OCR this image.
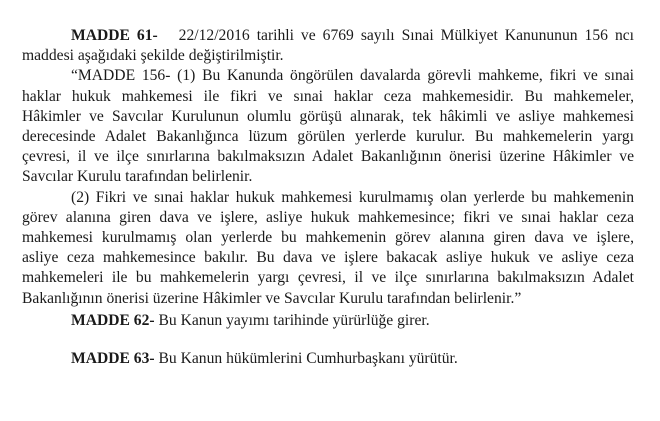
MADDE 61- 22/12/2016 tarihli ve 6769 sayılı Sınai Mülkiyet Kanununun 156 ncı
maddesi aşağıdaki şekilde değiştirilmiştir.
“MADDE 156- (1) Bu Kanunda öngörülen davalarda görevli mahkeme, fikri ve sınai
haklar hukuk mahkemesi ile fikri ve sınai haklar ceza mahkemesidir. Bu mahkemeler,
Hâkimler ve Savcılar Kurulunun olumlu görüşü alınarak, tek hâkimli ve asliye mahkemesi
derecesinde Adalet Bakanlığınca lüzum görülen yerlerde kurulur. Bu mahkemelerin yargı
çevresi, il ve ilçe sınırlarına bakılmaksızın Adalet Bakanlığının önerisi üzerine Hâkimler ve
Savcılar Kurulu tarafından belirlenir.
(2) Fikri ve sınai haklar hukuk mahkemesi kurulmamış olan yerlerde bu mahkemenin
görev alanına giren dava ve işlere, asliye hukuk mahkemesince; fikri ve sınai haklar ceza
mahkemesi kurulmamış olan yerlerde bu mahkemenin görev alanına giren dava ve işlere,
asliye ceza mahkemesince bakılır. Bu dava ve işlere bakacak asliye hukuk ve asliye ceza
mahkemeleri ile bu mahkemelerin yargı çevresi, il ve ilçe sınırlarına bakılmaksızın Adalet
Bakanlığının önerisi üzerine Hâkimler ve Savcılar Kurulu tarafından belirlenir.”
MADDE 62- Bu Kanun yayımı tarihinde yürürlüğe girer.
MADDE 63- Bu Kanun hükümlerini Cumhurbaşkanı yürütür.
